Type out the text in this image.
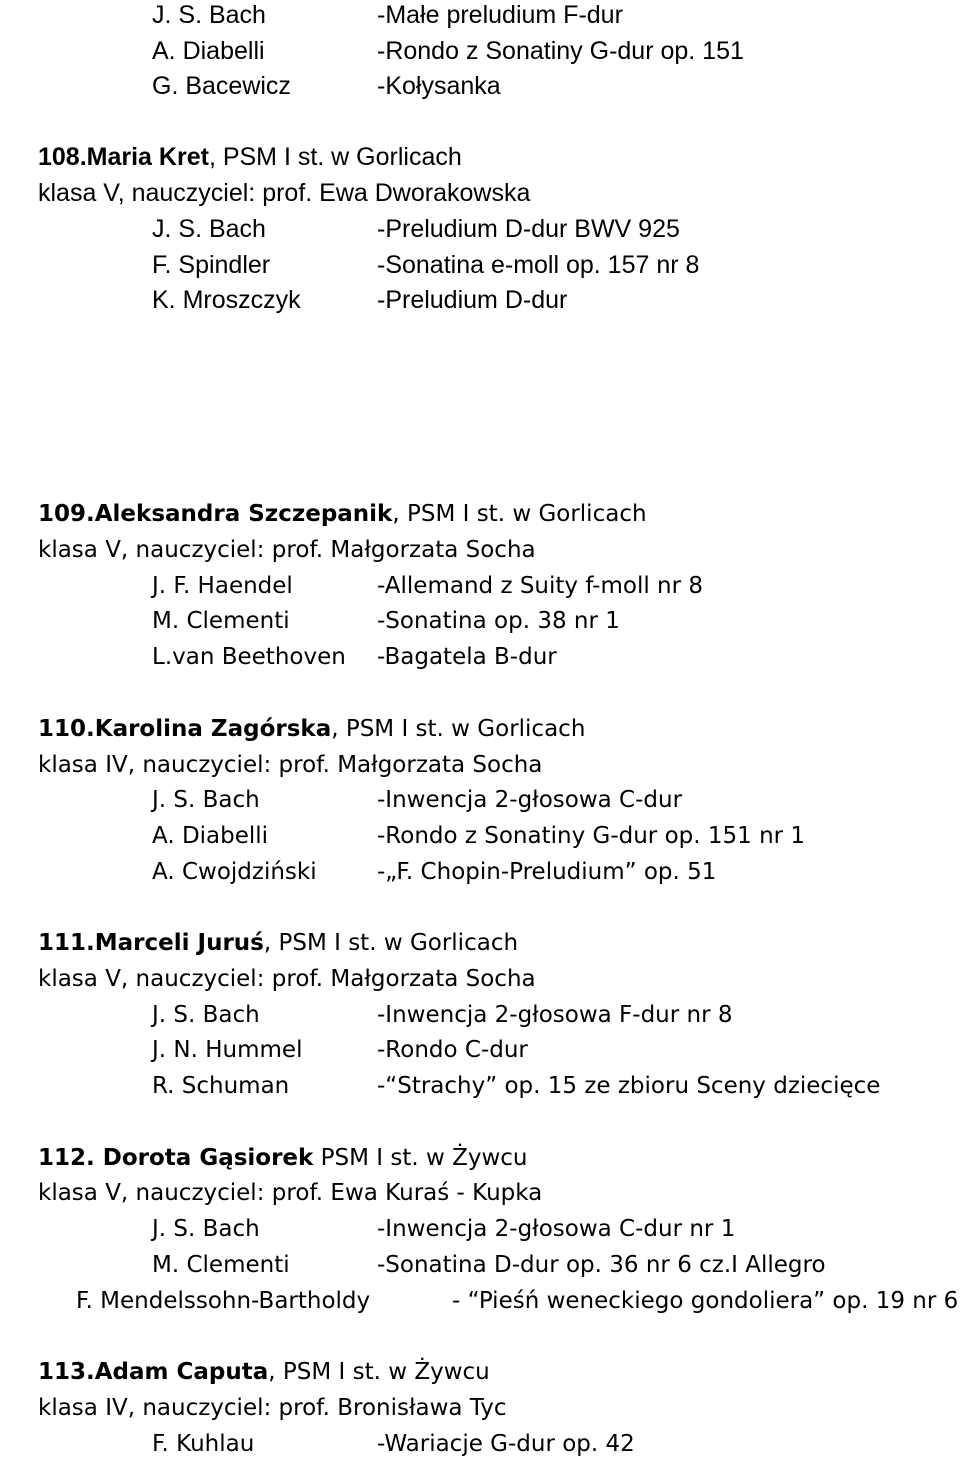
J. S. Bach	-Małe preludium F-dur
A. Diabelli	-Rondo z Sonatiny G-dur op. 151
G. Bacewicz	-Kołysanka
108.Maria Kret, PSM I st. w Gorlicach
klasa V, nauczyciel: prof. Ewa Dworakowska
J. S. Bach	-Preludium D-dur BWV 925
F. Spindler	-Sonatina e-moll op. 157 nr 8
K. Mroszczyk	-Preludium D-dur
109.Aleksandra Szczepanik, PSM I st. w Gorlicach
klasa V, nauczyciel: prof. Małgorzata Socha
J. F. Haendel	-Allemand z Suity f-moll nr 8
M. Clementi	-Sonatina op. 38 nr 1
L.van Beethoven -Bagatela B-dur
110.Karolina Zagórska, PSM I st. w Gorlicach
klasa IV, nauczyciel: prof. Małgorzata Socha
J. S. Bach	-Inwencja 2-głosowa C-dur
A. Diabelli	-Rondo z Sonatiny G-dur op. 151 nr 1
A. Cwojdziński	-„F. Chopin-Preludium” op. 51
111.Marceli Juruś, PSM I st. w Gorlicach
klasa V, nauczyciel: prof. Małgorzata Socha
J. S. Bach	-Inwencja 2-głosowa F-dur nr 8
J. N. Hummel	-Rondo C-dur
R. Schuman	-“Strachy” op. 15 ze zbioru Sceny dziecięce
112. Dorota Gąsiorek PSM I st. w Żywcu
klasa V, nauczyciel: prof. Ewa Kuraś - Kupka
J. S. Bach	-Inwencja 2-głosowa C-dur nr 1
M. Clementi	-Sonatina D-dur op. 36 nr 6 cz.I Allegro
F. Mendelssohn-Bartholdy	- “Pieśń weneckiego gondoliera” op. 19 nr 6
113.Adam Caputa, PSM I st. w Żywcu
klasa IV, nauczyciel: prof. Bronisława Tyc
F. Kuhlau	-Wariacje G-dur op. 42
